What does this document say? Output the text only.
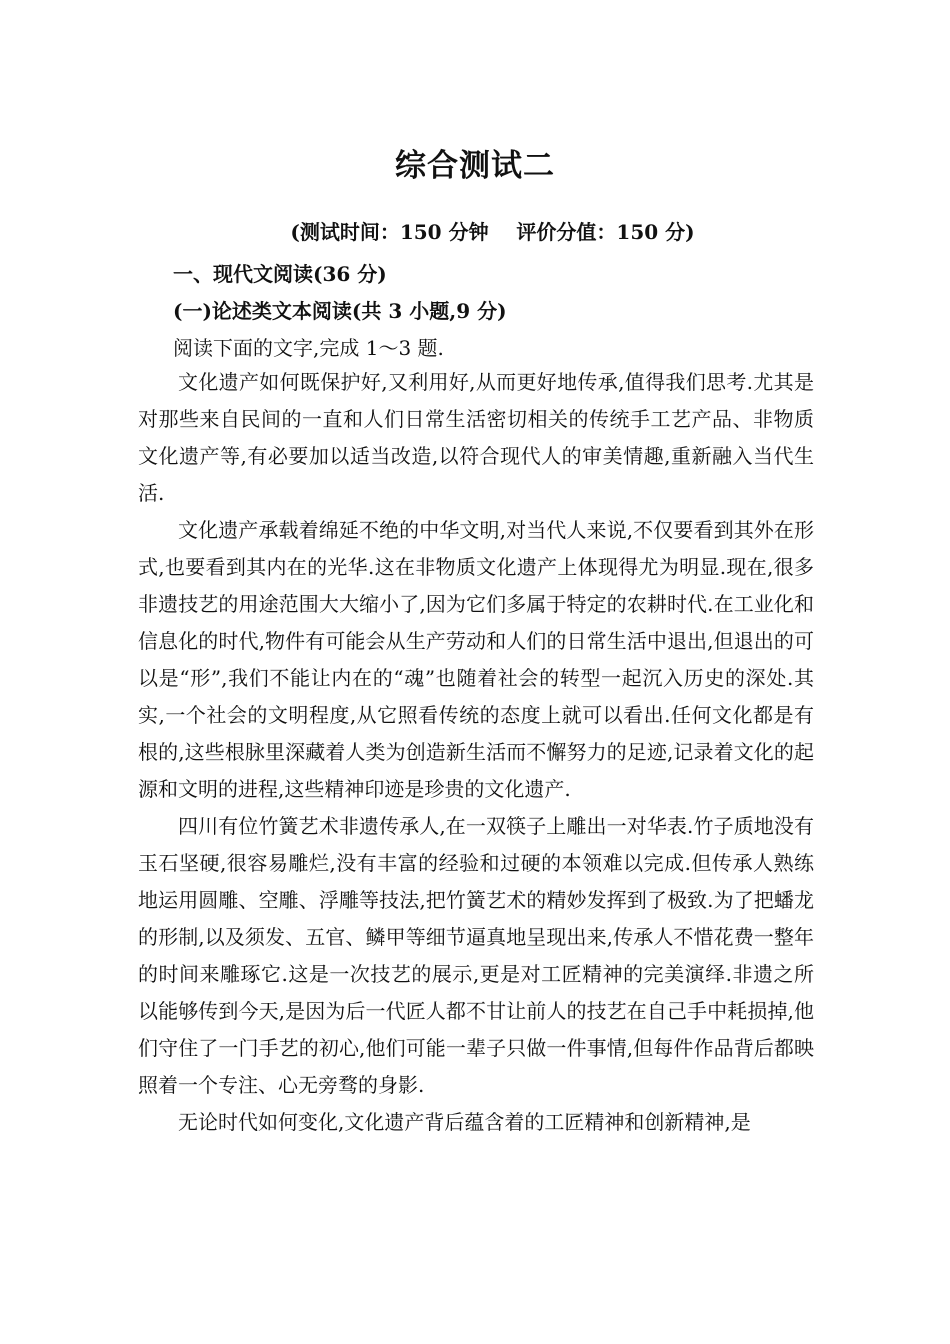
综合测试二
(测试时间：150 分钟    评价分值：150 分)
一、现代文阅读(36 分)
(一)论述类文本阅读(共 3 小题,9 分)
阅读下面的文字,完成 1～3 题.

文化遗产如何既保护好,又利用好,从而更好地传承,值得我们思考.尤其是对那些来自民间的一直和人们日常生活密切相关的传统手工艺产品、非物质文化遗产等,有必要加以适当改造,以符合现代人的审美情趣,重新融入当代生活.

文化遗产承载着绵延不绝的中华文明,对当代人来说,不仅要看到其外在形式,也要看到其内在的光华.这在非物质文化遗产上体现得尤为明显.现在,很多非遗技艺的用途范围大大缩小了,因为它们多属于特定的农耕时代.在工业化和信息化的时代,物件有可能会从生产劳动和人们的日常生活中退出,但退出的可以是“形”,我们不能让内在的“魂”也随着社会的转型一起沉入历史的深处.其实,一个社会的文明程度,从它照看传统的态度上就可以看出.任何文化都是有根的,这些根脉里深藏着人类为创造新生活而不懈努力的足迹,记录着文化的起源和文明的进程,这些精神印迹是珍贵的文化遗产.

四川有位竹簧艺术非遗传承人,在一双筷子上雕出一对华表.竹子质地没有玉石坚硬,很容易雕烂,没有丰富的经验和过硬的本领难以完成.但传承人熟练地运用圆雕、空雕、浮雕等技法,把竹簧艺术的精妙发挥到了极致.为了把蟠龙的形制,以及须发、五官、鳞甲等细节逼真地呈现出来,传承人不惜花费一整年的时间来雕琢它.这是一次技艺的展示,更是对工匠精神的完美演绎.非遗之所以能够传到今天,是因为后一代匠人都不甘让前人的技艺在自己手中耗损掉,他们守住了一门手艺的初心,他们可能一辈子只做一件事情,但每件作品背后都映照着一个专注、心无旁骛的身影.

无论时代如何变化,文化遗产背后蕴含着的工匠精神和创新精神,是
